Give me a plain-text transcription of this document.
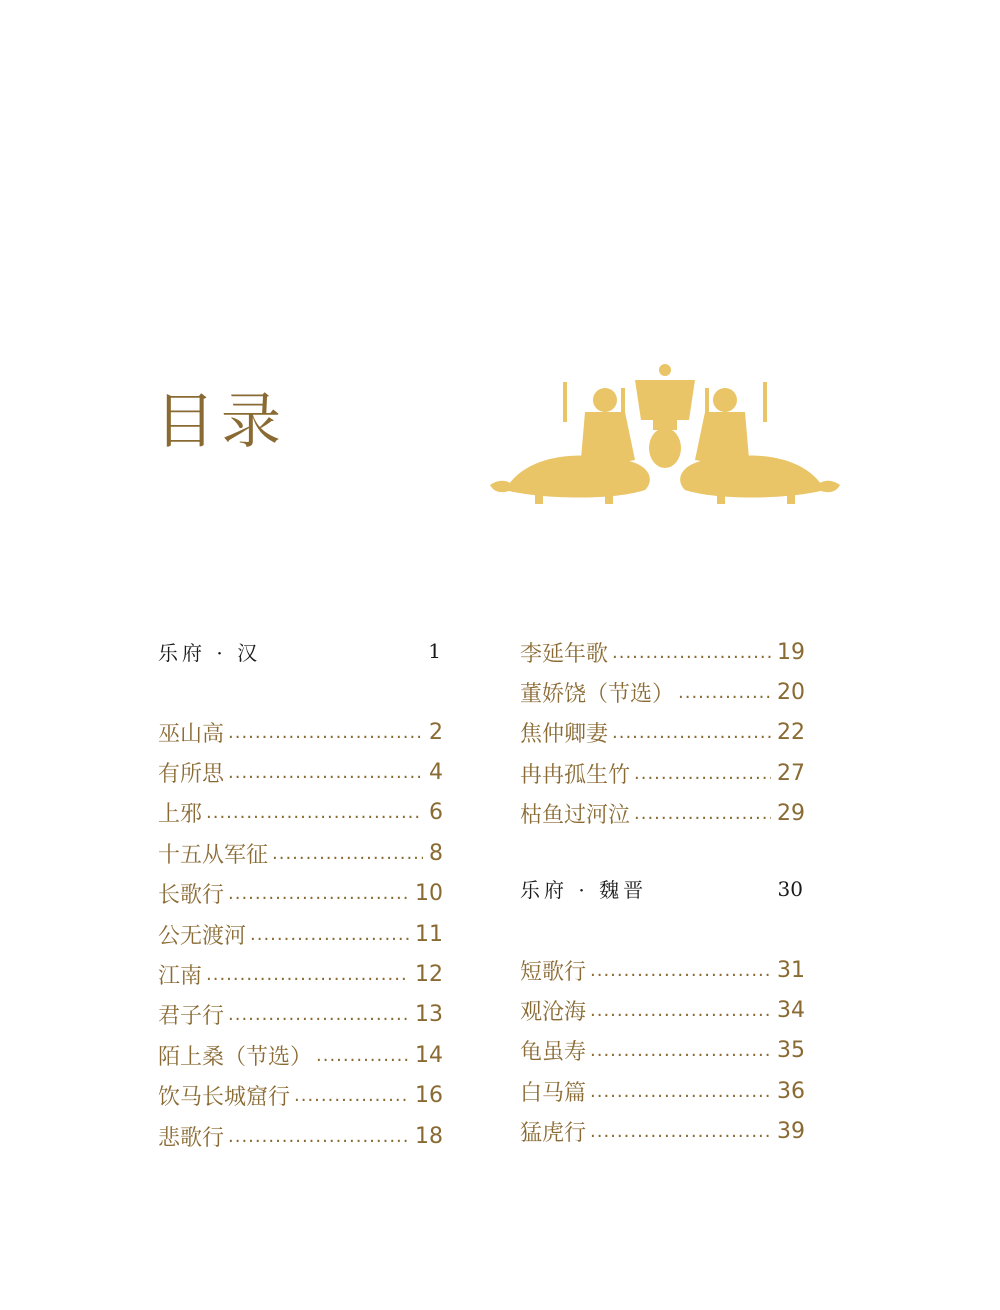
目录
乐府 · 汉	1
巫山高 .....	2
有所思 .....	4
上邪 .....	6
十五从军征 .....	8
长歌行 .....	10
公无渡河 .....	11
江南 .....	12
君子行 .....	13
陌上桑（节选） .....	14
饮马长城窟行 .....	16
悲歌行 .....	18
李延年歌 .....	19
董娇饶（节选） .....	20
焦仲卿妻 .....	22
冉冉孤生竹 .....	27
枯鱼过河泣 .....	29
乐府 · 魏晋	30
短歌行 .....	31
观沧海 .....	34
龟虽寿 .....	35
白马篇 .....	36
猛虎行 .....	39
